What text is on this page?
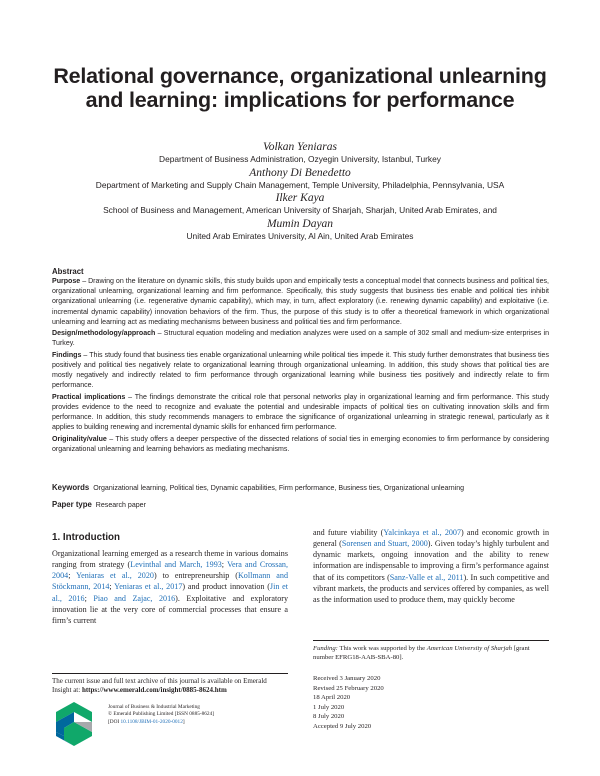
Relational governance, organizational unlearning and learning: implications for performance
Volkan Yeniaras
Department of Business Administration, Ozyegin University, Istanbul, Turkey
Anthony Di Benedetto
Department of Marketing and Supply Chain Management, Temple University, Philadelphia, Pennsylvania, USA
Ilker Kaya
School of Business and Management, American University of Sharjah, Sharjah, United Arab Emirates, and
Mumin Dayan
United Arab Emirates University, Al Ain, United Arab Emirates

Abstract

Purpose – Drawing on the literature on dynamic skills, this study builds upon and empirically tests a conceptual model that connects business and political ties, organizational unlearning, organizational learning and firm performance. Specifically, this study suggests that business ties enable and political ties inhibit organizational unlearning (i.e. regenerative dynamic capability), which may, in turn, affect exploratory (i.e. renewing dynamic capability) and exploitative (i.e. incremental dynamic capability) innovation behaviors of the firm. Thus, the purpose of this study is to offer a theoretical framework in which organizational unlearning and learning act as mediating mechanisms between business and political ties and firm performance.

Design/methodology/approach – Structural equation modeling and mediation analyzes were used on a sample of 302 small and medium-size enterprises in Turkey.

Findings – This study found that business ties enable organizational unlearning while political ties impede it. This study further demonstrates that business ties positively and political ties negatively relate to organizational learning through organizational unlearning. In addition, this study shows that political ties are mostly negatively and indirectly related to firm performance through organizational learning while business ties positively and indirectly relate to firm performance.

Practical implications – The findings demonstrate the critical role that personal networks play in organizational learning and firm performance. This study provides evidence to the need to recognize and evaluate the potential and undesirable impacts of political ties on cultivating innovation skills and firm performance. In addition, this study recommends managers to embrace the significance of organizational unlearning in strategic renewal, particularly as it applies to building renewing and incremental dynamic skills for enhanced firm performance.

Originality/value – This study offers a deeper perspective of the dissected relations of social ties in emerging economies to firm performance by considering organizational unlearning and learning behaviors as mediating mechanisms.

Keywords Organizational learning, Political ties, Dynamic capabilities, Firm performance, Business ties, Organizational unlearning
Paper type Research paper
1. Introduction
Organizational learning emerged as a research theme in various domains ranging from strategy (Levinthal and March, 1993; Vera and Crossan, 2004; Yeniaras et al., 2020) to entrepreneurship (Kollmann and Stöckmann, 2014; Yeniaras et al., 2017) and product innovation (Jin et al., 2016; Piao and Zajac, 2016). Exploitative and exploratory innovation lie at the very core of commercial processes that ensure a firm’s current
and future viability (Yalcinkaya et al., 2007) and economic growth in general (Sorensen and Stuart, 2000). Given today’s highly turbulent and dynamic markets, ongoing innovation and the ability to renew information are indispensable to improving a firm’s performance against that of its competitors (Sanz-Valle et al., 2011). In such competitive and vibrant markets, the products and services offered by companies, as well as the information used to produce them, may quickly become
The current issue and full text archive of this journal is available on Emerald Insight at: https://www.emerald.com/insight/0885-8624.htm
Journal of Business & Industrial Marketing
© Emerald Publishing Limited [ISSN 0885-8624]
[DOI 10.1108/JBIM-01-2020-0012]
Funding: This work was supported by the American University of Sharjah [grant number EFRG18-AAB-SBA-80].
Received 3 January 2020
Revised 25 February 2020
18 April 2020
1 July 2020
8 July 2020
Accepted 9 July 2020
